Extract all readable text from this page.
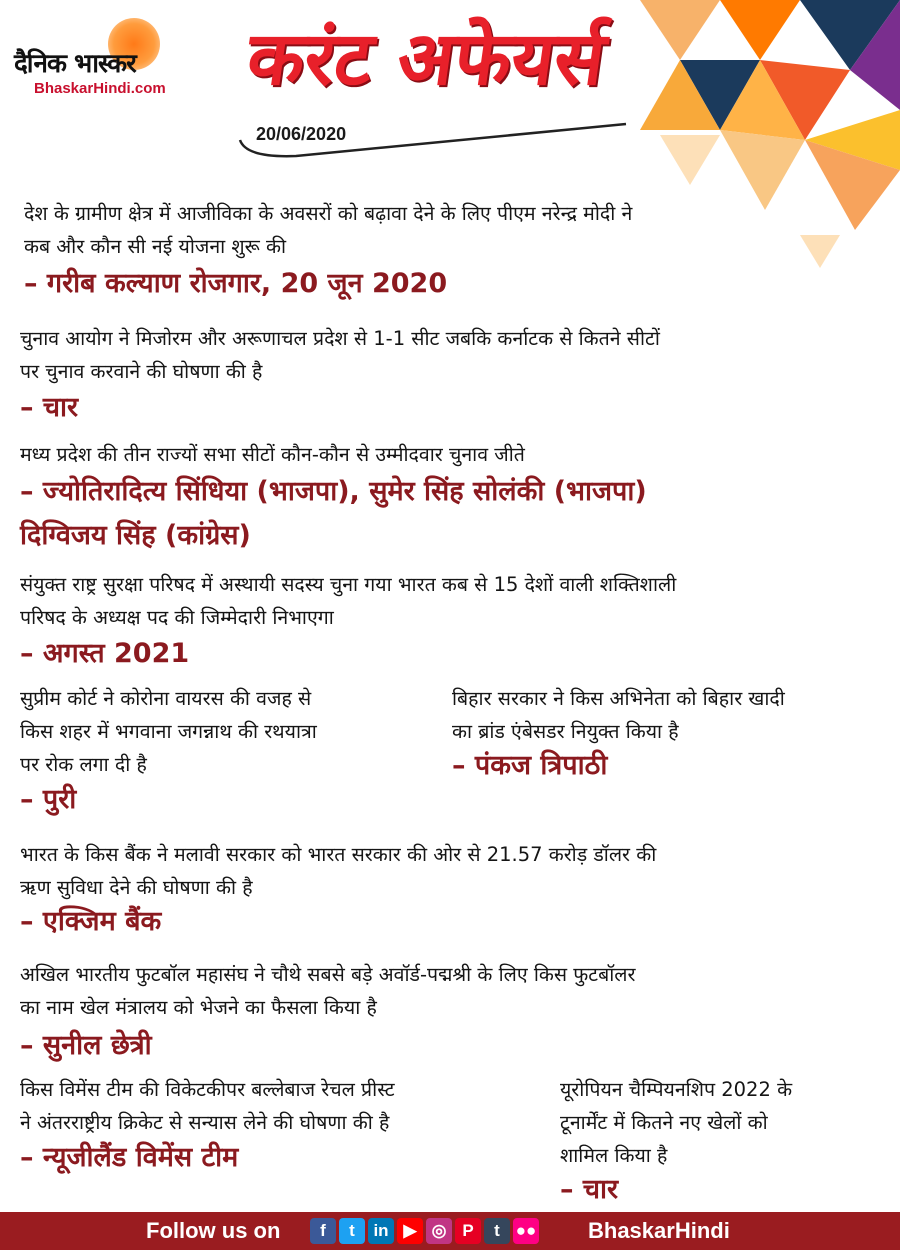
दैनिक भास्कर
BhaskarHindi.com करंट अफेयर्स
20/06/2020

देश के ग्रामीण क्षेत्र में आजीविका के अवसरों को बढ़ावा देने के लिए पीएम नरेन्द्र मोदी ने
कब और कौन सी नई योजना शुरू की

– गरीब कल्याण रोजगार, 20 जून 2020

चुनाव आयोग ने मिजोरम और अरूणाचल प्रदेश से 1-1 सीट जबकि कर्नाटक से कितने सीटों
पर चुनाव करवाने की घोषणा की है

– चार

मध्य प्रदेश की तीन राज्यों सभा सीटों कौन-कौन से उम्मीदवार चुनाव जीते

– ज्योतिरादित्य सिंधिया (भाजपा), सुमेर सिंह सोलंकी (भाजपा)
दिग्विजय सिंह (कांग्रेस)

संयुक्त राष्ट्र सुरक्षा परिषद में अस्थायी सदस्य चुना गया भारत कब से 15 देशों वाली शक्तिशाली
परिषद के अध्यक्ष पद की जिम्मेदारी निभाएगा

– अगस्त 2021

सुप्रीम कोर्ट ने कोरोना वायरस की वजह से
किस शहर में भगवाना जगन्नाथ की रथयात्रा
पर रोक लगा दी है

– पुरी

बिहार सरकार ने किस अभिनेता को बिहार खादी
का ब्रांड एंबेसडर नियुक्त किया है

– पंकज त्रिपाठी

भारत के किस बैंक ने मलावी सरकार को भारत सरकार की ओर से 21.57 करोड़ डॉलर की
ऋण सुविधा देने की घोषणा की है

– एक्जिम बैंक

अखिल भारतीय फुटबॉल महासंघ ने चौथे सबसे बड़े अवॉर्ड-पद्मश्री के लिए किस फुटबॉलर
का नाम खेल मंत्रालय को भेजने का फैसला किया है

– सुनील छेत्री

किस विमेंस टीम की विकेटकीपर बल्लेबाज रेचल प्रीस्ट
ने अंतरराष्ट्रीय क्रिकेट से सन्यास लेने की घोषणा की है

– न्यूजीलैंड विमेंस टीम

यूरोपियन चैम्पियनशिप 2022 के
टूनार्मेंट में कितने नए खेलों को
शामिल किया है

– चार

Follow us on	f	t	in ▶ ◎ P	t ●● BhaskarHindi
